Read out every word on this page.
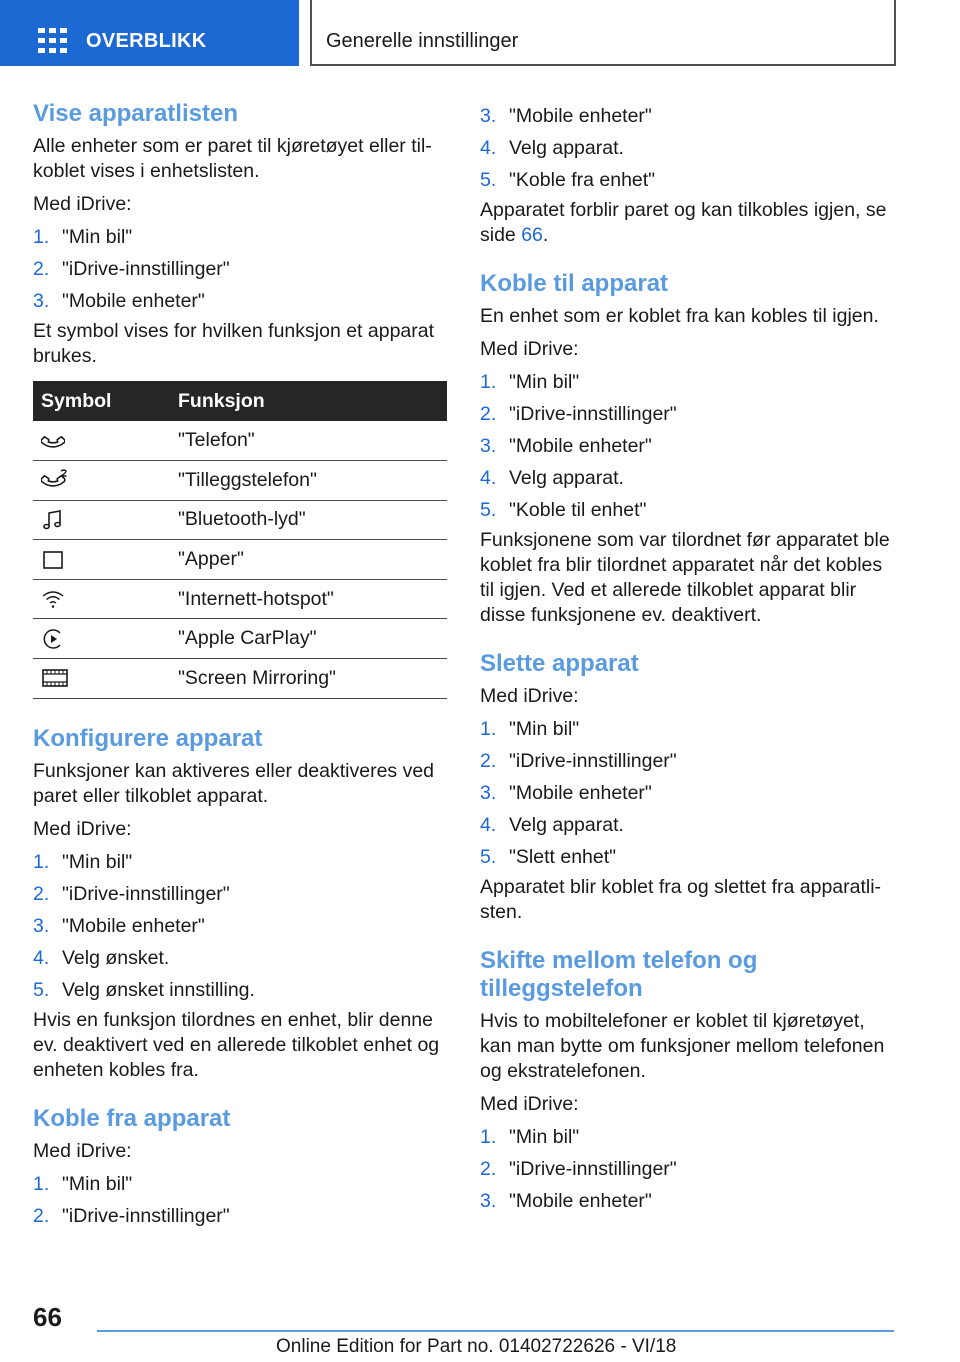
OVERBLIKK	Generelle innstillinger
Vise apparatlisten

Alle enheter som er paret til kjøretøyet eller til-koblet vises i enhetslisten.

Med iDrive:

1. "Min bil"
2. "iDrive-innstillinger"
3. "Mobile enheter"

Et symbol vises for hvilken funksjon et apparat brukes.

Symbol	Funksjon

	"Telefon"

	"Tilleggstelefon"

	"Bluetooth-lyd"

	"Apper"

	"Internett-hotspot"

	"Apple CarPlay"

	"Screen Mirroring"
Konfigurere apparat

Funksjoner kan aktiveres eller deaktiveres ved paret eller tilkoblet apparat.

Med iDrive:

1. "Min bil"
2. "iDrive-innstillinger"
3. "Mobile enheter"
4. Velg ønsket.
5. Velg ønsket innstilling.

Hvis en funksjon tilordnes en enhet, blir denne ev. deaktivert ved en allerede tilkoblet enhet og enheten kobles fra.

Koble fra apparat

Med iDrive:

1. "Min bil"
2. "iDrive-innstillinger"
3. "Mobile enheter"
4. Velg apparat.
5. "Koble fra enhet"

Apparatet forblir paret og kan tilkobles igjen, se side 66.

Koble til apparat

En enhet som er koblet fra kan kobles til igjen.

Med iDrive:

1. "Min bil"
2. "iDrive-innstillinger"
3. "Mobile enheter"
4. Velg apparat.
5. "Koble til enhet"

Funksjonene som var tilordnet før apparatet ble koblet fra blir tilordnet apparatet når det kobles til igjen. Ved et allerede tilkoblet apparat blir disse funksjonene ev. deaktivert.

Slette apparat

Med iDrive:

1. "Min bil"
2. "iDrive-innstillinger"
3. "Mobile enheter"
4. Velg apparat.
5. "Slett enhet"

Apparatet blir koblet fra og slettet fra apparatli-sten.

Skifte mellom telefon og tilleggstelefon

Hvis to mobiltelefoner er koblet til kjøretøyet, kan man bytte om funksjoner mellom telefonen og ekstratelefonen.

Med iDrive:

1. "Min bil"
2. "iDrive-innstillinger"
3. "Mobile enheter"
66
Online Edition for Part no. 01402722626 - VI/18
